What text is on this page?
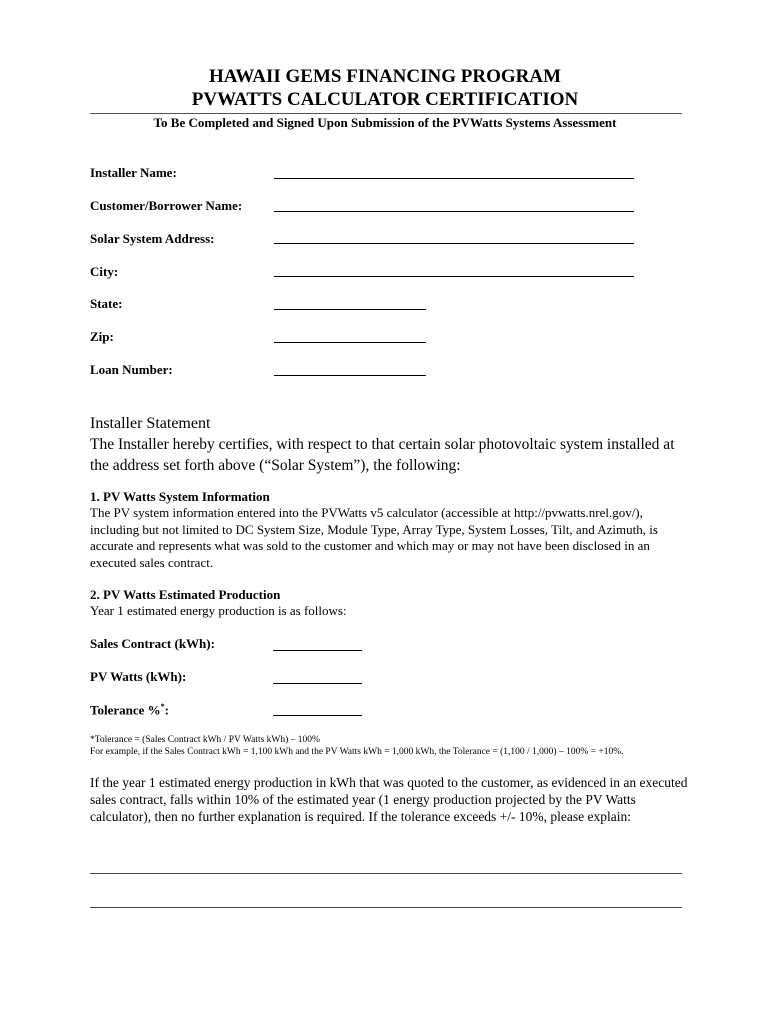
HAWAII GEMS FINANCING PROGRAM
PVWATTS CALCULATOR CERTIFICATION
To Be Completed and Signed Upon Submission of the PVWatts Systems Assessment
Installer Name:
Customer/Borrower Name:
Solar System Address:
City:
State:
Zip:
Loan Number:
Installer Statement
The Installer hereby certifies, with respect to that certain solar photovoltaic system installed at the address set forth above (“Solar System”), the following:
1. PV Watts System Information
The PV system information entered into the PVWatts v5 calculator (accessible at http://pvwatts.nrel.gov/), including but not limited to DC System Size, Module Type, Array Type, System Losses, Tilt, and Azimuth, is accurate and represents what was sold to the customer and which may or may not have been disclosed in an executed sales contract.
2. PV Watts Estimated Production
Year 1 estimated energy production is as follows:
Sales Contract (kWh):
PV Watts (kWh):
Tolerance %*:
*Tolerance = (Sales Contract kWh / PV Watts kWh) – 100%
For example, if the Sales Contract kWh = 1,100 kWh and the PV Watts kWh = 1,000 kWh, the Tolerance = (1,100 / 1,000) – 100% = +10%.
If the year 1 estimated energy production in kWh that was quoted to the customer, as evidenced in an executed sales contract, falls within 10% of the estimated year (1 energy production projected by the PV Watts calculator), then no further explanation is required. If the tolerance exceeds +/- 10%, please explain:
